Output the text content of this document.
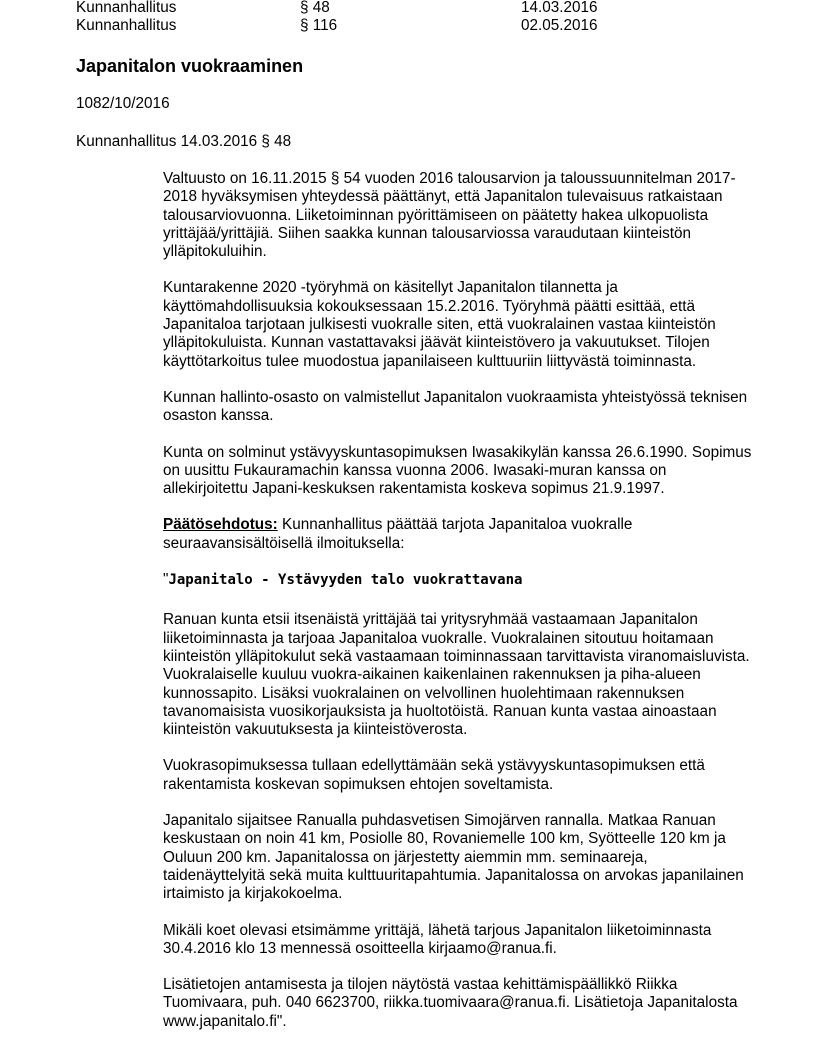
Kunnanhallitus	§ 48	14.03.2016
Kunnanhallitus	§ 116	02.05.2016
Japanitalon vuokraaminen

1082/10/2016

Kunnanhallitus 14.03.2016 § 48

Valtuusto on 16.11.2015 § 54 vuoden 2016 talousarvion ja taloussuunnitelman 2017-2018 hyväksymisen yhteydessä päättänyt, että Japanitalon tulevaisuus ratkaistaan talousarviovuonna. Liiketoiminnan pyörittämiseen on päätetty hakea ulkopuolista yrittäjää/yrittäjiä. Siihen saakka kunnan talousarviossa varaudutaan kiinteistön ylläpitokuluihin.

Kuntarakenne 2020 -työryhmä on käsitellyt Japanitalon tilannetta ja käyttömahdollisuuksia kokouksessaan 15.2.2016. Työryhmä päätti esittää, että Japanitaloa tarjotaan julkisesti vuokralle siten, että vuokralainen vastaa kiinteistön ylläpitokuluista. Kunnan vastattavaksi jäävät kiinteistövero ja vakuutukset. Tilojen käyttötarkoitus tulee muodostua japanilaiseen kulttuuriin liittyvästä toiminnasta.

Kunnan hallinto-osasto on valmistellut Japanitalon vuokraamista yhteistyössä teknisen osaston kanssa.

Kunta on solminut ystävyyskuntasopimuksen Iwasakikylän kanssa 26.6.1990. Sopimus on uusittu Fukauramachin kanssa vuonna 2006. Iwasaki-muran kanssa on allekirjoitettu Japani-keskuksen rakentamista koskeva sopimus 21.9.1997.

Päätösehdotus: Kunnanhallitus päättää tarjota Japanitaloa vuokralle seuraavansisältöisellä ilmoituksella:

"Japanitalo - Ystävyyden talo vuokrattavana

Ranuan kunta etsii itsenäistä yrittäjää tai yritysryhmää vastaamaan Japanitalon liiketoiminnasta ja tarjoaa Japanitaloa vuokralle. Vuokralainen sitoutuu hoitamaan kiinteistön ylläpitokulut sekä vastaamaan toiminnassaan tarvittavista viranomaisluvista. Vuokralaiselle kuuluu vuokra-aikainen kaikenlainen rakennuksen ja piha-alueen kunnossapito. Lisäksi vuokralainen on velvollinen huolehtimaan rakennuksen tavanomaisista vuosikorjauksista ja huoltotöistä. Ranuan kunta vastaa ainoastaan kiinteistön vakuutuksesta ja kiinteistöverosta.

Vuokrasopimuksessa tullaan edellyttämään sekä ystävyyskuntasopimuksen että rakentamista koskevan sopimuksen ehtojen soveltamista.

Japanitalo sijaitsee Ranualla puhdasvetisen Simojärven rannalla. Matkaa Ranuan keskustaan on noin 41 km, Posiolle 80, Rovaniemelle 100 km, Syötteelle 120 km ja Ouluun 200 km. Japanitalossa on järjestetty aiemmin mm. seminaareja, taidenäyttelyitä sekä muita kulttuuritapahtumia. Japanitalossa on arvokas japanilainen irtaimisto ja kirjakokoelma.

Mikäli koet olevasi etsimämme yrittäjä, lähetä tarjous Japanitalon liiketoiminnasta 30.4.2016 klo 13 mennessä osoitteella kirjaamo@ranua.fi.

Lisätietojen antamisesta ja tilojen näytöstä vastaa kehittämispäällikkö Riikka Tuomivaara, puh. 040 6623700, riikka.tuomivaara@ranua.fi. Lisätietoja Japanitalosta www.japanitalo.fi".
